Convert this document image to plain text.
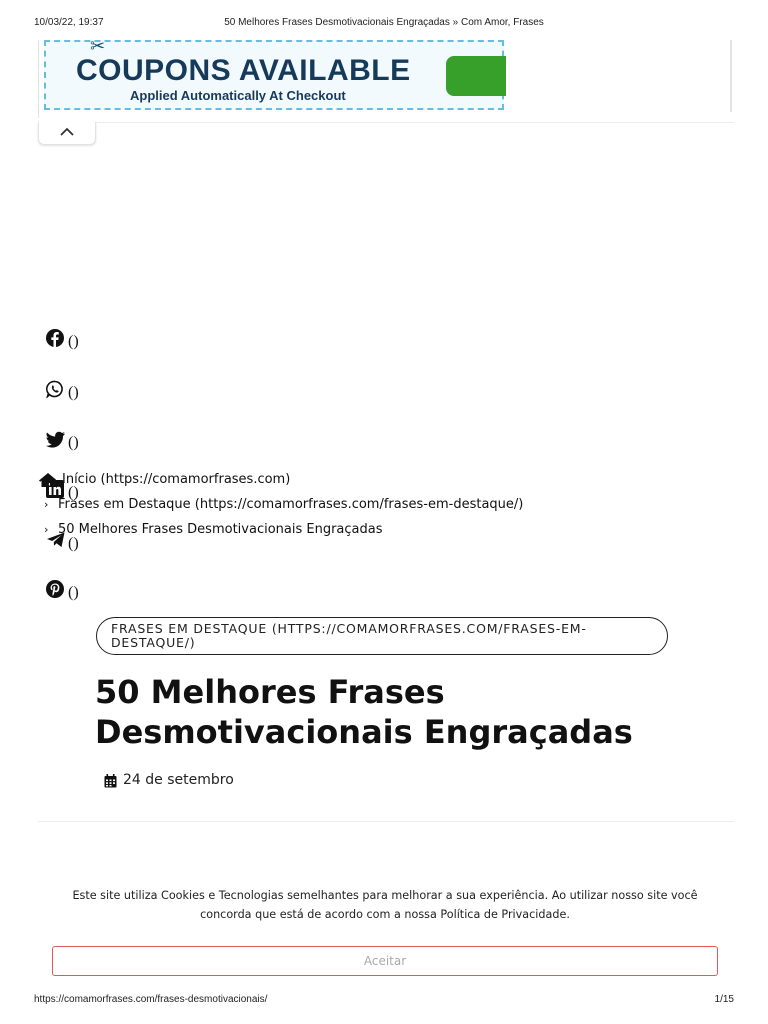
10/03/22, 19:37	50 Melhores Frases Desmotivacionais Engraçadas » Com Amor, Frases
✂
COUPONS AVAILABLE
Applied Automatically At Checkout
()
()
()
()
()
()
Início (https://comamorfrases.com)
› Frases em Destaque (https://comamorfrases.com/frases-em-destaque/)
› 50 Melhores Frases Desmotivacionais Engraçadas
FRASES EM DESTAQUE (HTTPS://COMAMORFRASES.COM/FRASES-EM-DESTAQUE/)
50 Melhores Frases Desmotivacionais Engraçadas
24 de setembro
Este site utiliza Cookies e Tecnologias semelhantes para melhorar a sua experiência. Ao utilizar nosso site você concorda que está de acordo com a nossa Política de Privacidade.
Aceitar
https://comamorfrases.com/frases-desmotivacionais/	1/15
